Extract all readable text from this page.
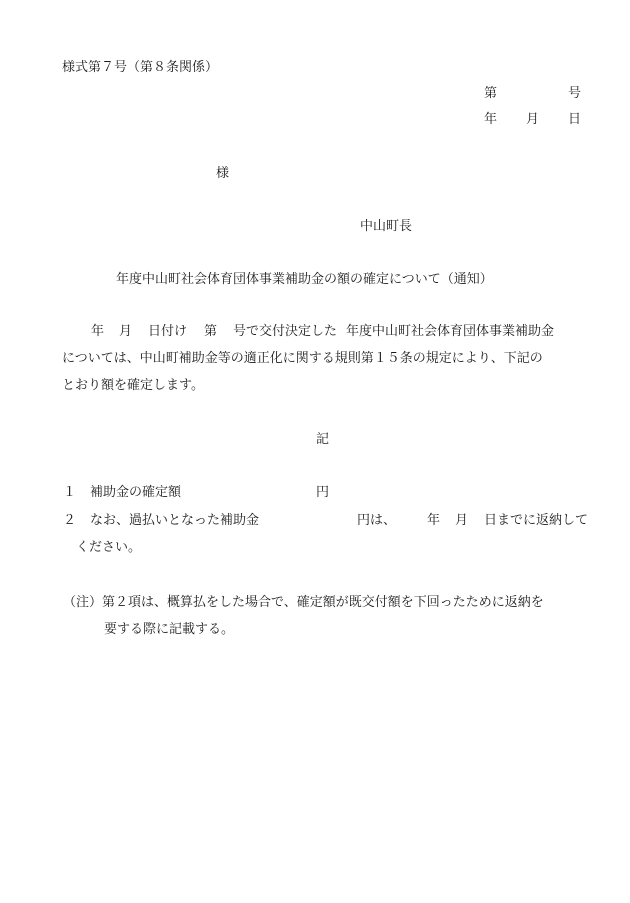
様式第７号（第８条関係）
第	号
年 月 日
様
中山町長
年度中山町社会体育団体事業補助金の額の確定について（通知）
年 月 日付け 第 号で交付決定した 年度中山町社会体育団体事業補助金
については、中山町補助金等の適正化に関する規則第１５条の規定により、下記の
とおり額を確定します。
記
１ 補助金の確定額	円
２ なお、過払いとなった補助金	円は、 年 月 日までに返納して
ください。
（注）第２項は、概算払をした場合で、確定額が既交付額を下回ったために返納を
要する際に記載する。
